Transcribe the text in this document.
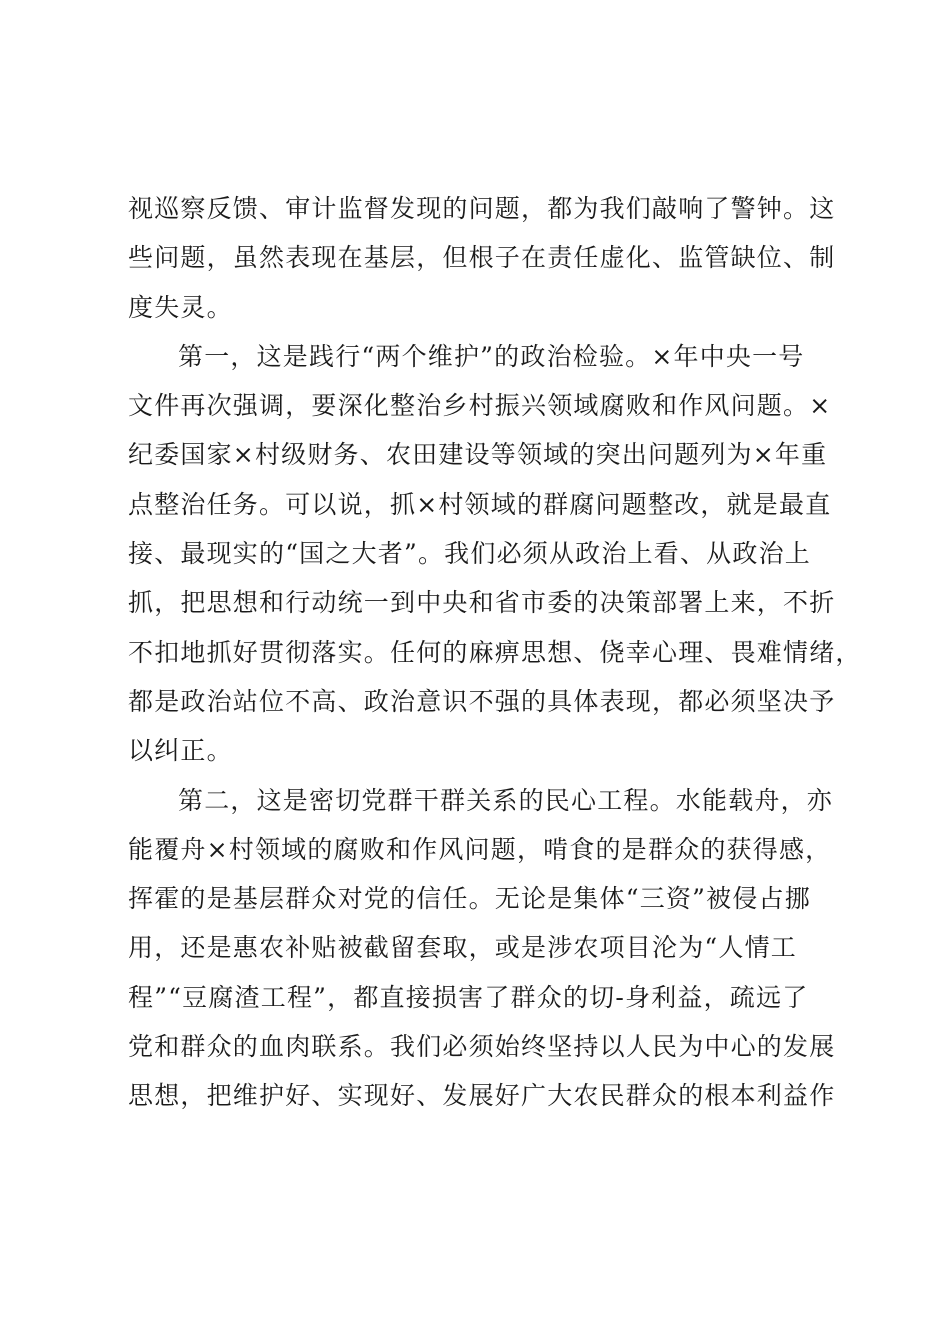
视巡察反馈、审计监督发现的问题，都为我们敲响了警钟。这
些问题，虽然表现在基层，但根子在责任虚化、监管缺位、制
度失灵。
第一，这是践行“两个维护”的政治检验。×年中央一号
文件再次强调，要深化整治乡村振兴领域腐败和作风问题。×
纪委国家×村级财务、农田建设等领域的突出问题列为×年重
点整治任务。可以说，抓×村领域的群腐问题整改，就是最直
接、最现实的“国之大者”。我们必须从政治上看、从政治上
抓，把思想和行动统一到中央和省市委的决策部署上来，不折
不扣地抓好贯彻落实。任何的麻痹思想、侥幸心理、畏难情绪，
都是政治站位不高、政治意识不强的具体表现，都必须坚决予
以纠正。
第二，这是密切党群干群关系的民心工程。水能载舟，亦
能覆舟×村领域的腐败和作风问题，啃食的是群众的获得感，
挥霍的是基层群众对党的信任。无论是集体“三资”被侵占挪
用，还是惠农补贴被截留套取，或是涉农项目沦为“人情工
程”“豆腐渣工程”，都直接损害了群众的切-身利益，疏远了
党和群众的血肉联系。我们必须始终坚持以人民为中心的发展
思想，把维护好、实现好、发展好广大农民群众的根本利益作
